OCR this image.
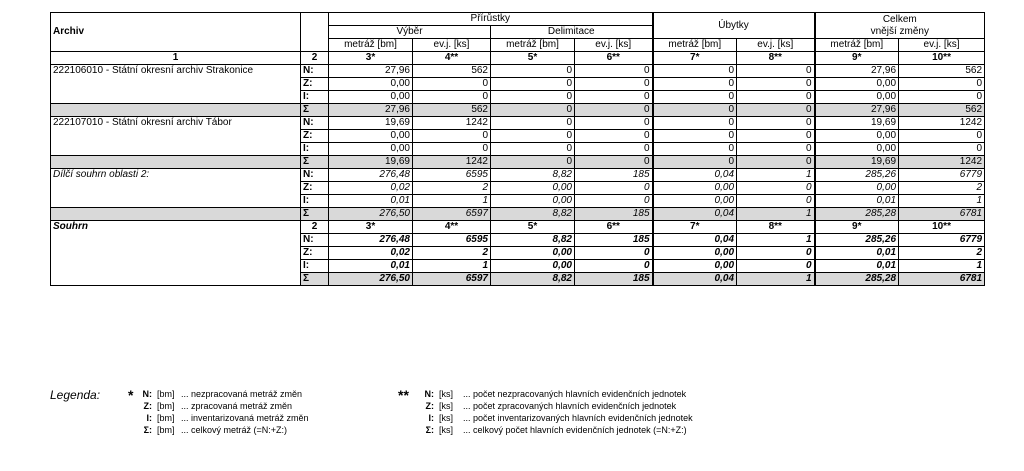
Archiv		Přírůstky				Úbytky		Celkem
vnější změny	

		Výběr		Delimitace					
		metráž [bm]	ev.j. [ks]	metráž [bm]	ev.j. [ks]	metráž [bm]	ev.j. [ks]	metráž [bm]	ev.j. [ks]
1	2	3*	4**	5*	6**	7*	8**	9*	10**
222106010 - Státní okresní archiv Strakonice	N:	27,96	562	0	0	0	0	27,96	562
	Z:	0,00	0	0	0	0	0	0,00	0
	I:	0,00	0	0	0	0	0	0,00	0
	Σ	27,96	562	0	0	0	0	27,96	562
222107010 - Státní okresní archiv Tábor	N:	19,69	1242	0	0	0	0	19,69	1242
	Z:	0,00	0	0	0	0	0	0,00	0
	I:	0,00	0	0	0	0	0	0,00	0
	Σ	19,69	1242	0	0	0	0	19,69	1242
Dílčí souhrn oblasti 2:	N:	276,48	6595	8,82	185	0,04	1	285,26	6779
	Z:	0,02	2	0,00	0	0,00	0	0,00	2
	I:	0,01	1	0,00	0	0,00	0	0,01	1
	Σ	276,50	6597	8,82	185	0,04	1	285,28	6781
Souhrn	2	3*	4**	5*	6**	7*	8**	9*	10**
	N:	276,48	6595	8,82	185	0,04	1	285,26	6779
	Z:	0,02	2	0,00	0	0,00	0	0,01	2
	I:	0,01	1	0,00	0	0,00	0	0,01	1
	Σ	276,50	6597	8,82	185	0,04	1	285,28	6781
Legenda: *	N: [bm] ... nezpracovaná metráž změn
Z: [bm] ... zpracovaná metráž změn
I: [bm] ... inventarizovaná metráž změn
Σ: [bm] ... celkový metráž (=N:+Z:)
**	N: [ks] ... počet nezpracovaných hlavních evidenčních jednotek
Z: [ks] ... počet zpracovaných hlavních evidenčních jednotek
I: [ks] ... počet inventarizovaných hlavních evidenčních jednotek
Σ: [ks] ... celkový počet hlavních evidenčních jednotek (=N:+Z:)
